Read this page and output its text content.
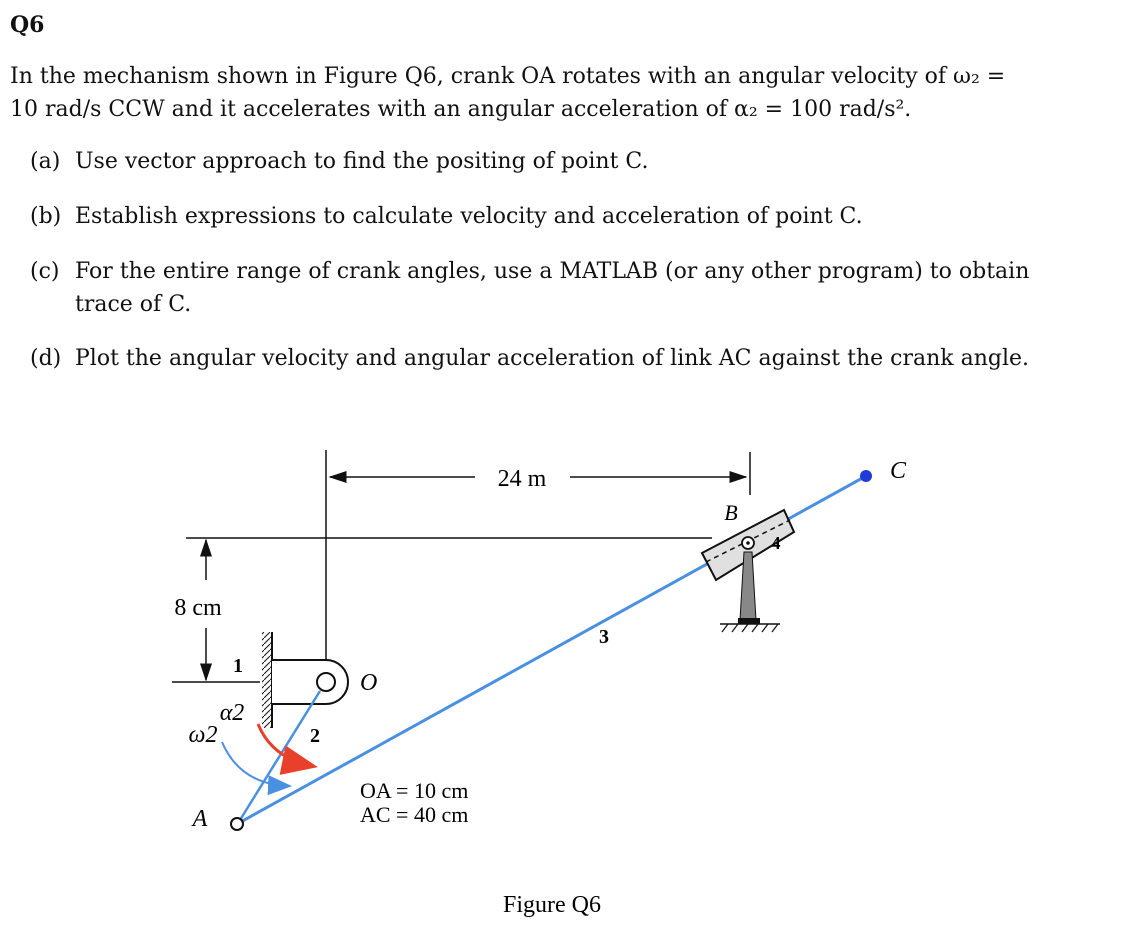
Q6
In the mechanism shown in Figure Q6, crank OA rotates with an angular velocity of ω₂ =
10 rad/s CCW and it accelerates with an angular acceleration of α₂ = 100 rad/s².
(a) Use vector approach to find the positing of point C.
(b) Establish expressions to calculate velocity and acceleration of point C.
(c) For the entire range of crank angles, use a MATLAB (or any other program) to obtain
trace of C.
(d) Plot the angular velocity and angular acceleration of link AC against the crank angle.
24 m
8 cm
1
O
2
3
A
C
B
4
α2
ω2
OA = 10 cm
AC = 40 cm
Figure Q6
